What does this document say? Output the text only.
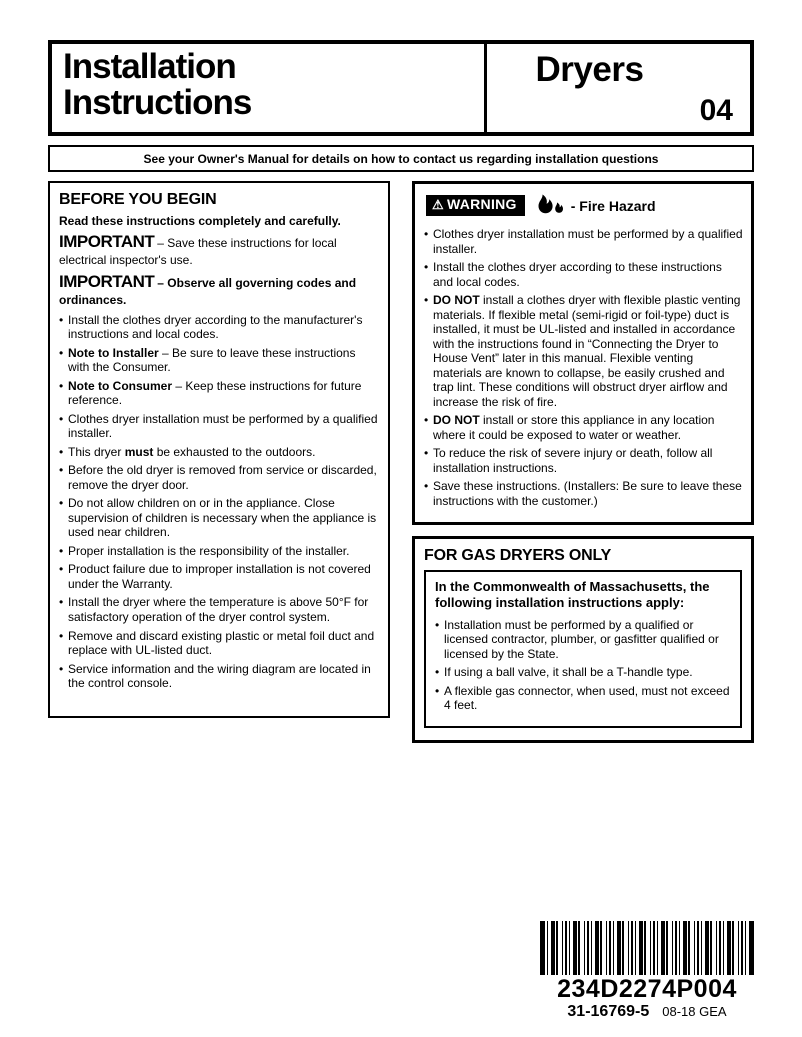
Installation
Instructions
Dryers
04
See your Owner's Manual for details on how to contact us regarding installation questions
BEFORE YOU BEGIN

Read these instructions completely and carefully.

IMPORTANT – Save these instructions for local electrical inspector's use.

IMPORTANT – Observe all governing codes and ordinances.

• Install the clothes dryer according to the manufacturer's instructions and local codes.
• Note to Installer – Be sure to leave these instructions with the Consumer.
• Note to Consumer – Keep these instructions for future reference.
• Clothes dryer installation must be performed by a qualified installer.
• This dryer must be exhausted to the outdoors.
• Before the old dryer is removed from service or discarded, remove the dryer door.
• Do not allow children on or in the appliance. Close supervision of children is necessary when the appliance is used near children.
• Proper installation is the responsibility of the installer.
• Product failure due to improper installation is not covered under the Warranty.
• Install the dryer where the temperature is above 50°F for satisfactory operation of the dryer control system.
• Remove and discard existing plastic or metal foil duct and replace with UL-listed duct.
• Service information and the wiring diagram are located in the control console.
⚠ WARNING	- Fire Hazard
• Clothes dryer installation must be performed by a qualified installer.
• Install the clothes dryer according to these instructions and local codes.
• DO NOT install a clothes dryer with flexible plastic venting materials. If flexible metal (semi-rigid or foil-type) duct is installed, it must be UL-listed and installed in accordance with the instructions found in “Connecting the Dryer to House Vent” later in this manual. Flexible venting materials are known to collapse, be easily crushed and trap lint. These conditions will obstruct dryer airflow and increase the risk of fire.
• DO NOT install or store this appliance in any location where it could be exposed to water or weather.
• To reduce the risk of severe injury or death, follow all installation instructions.
• Save these instructions. (Installers: Be sure to leave these instructions with the customer.)
FOR GAS DRYERS ONLY

In the Commonwealth of Massachusetts, the following installation instructions apply:

• Installation must be performed by a qualified or licensed contractor, plumber, or gasfitter qualified or licensed by the State.
• If using a ball valve, it shall be a T-handle type.
• A flexible gas connector, when used, must not exceed 4 feet.
234D2274P004
31-16769-5 08-18 GEA
